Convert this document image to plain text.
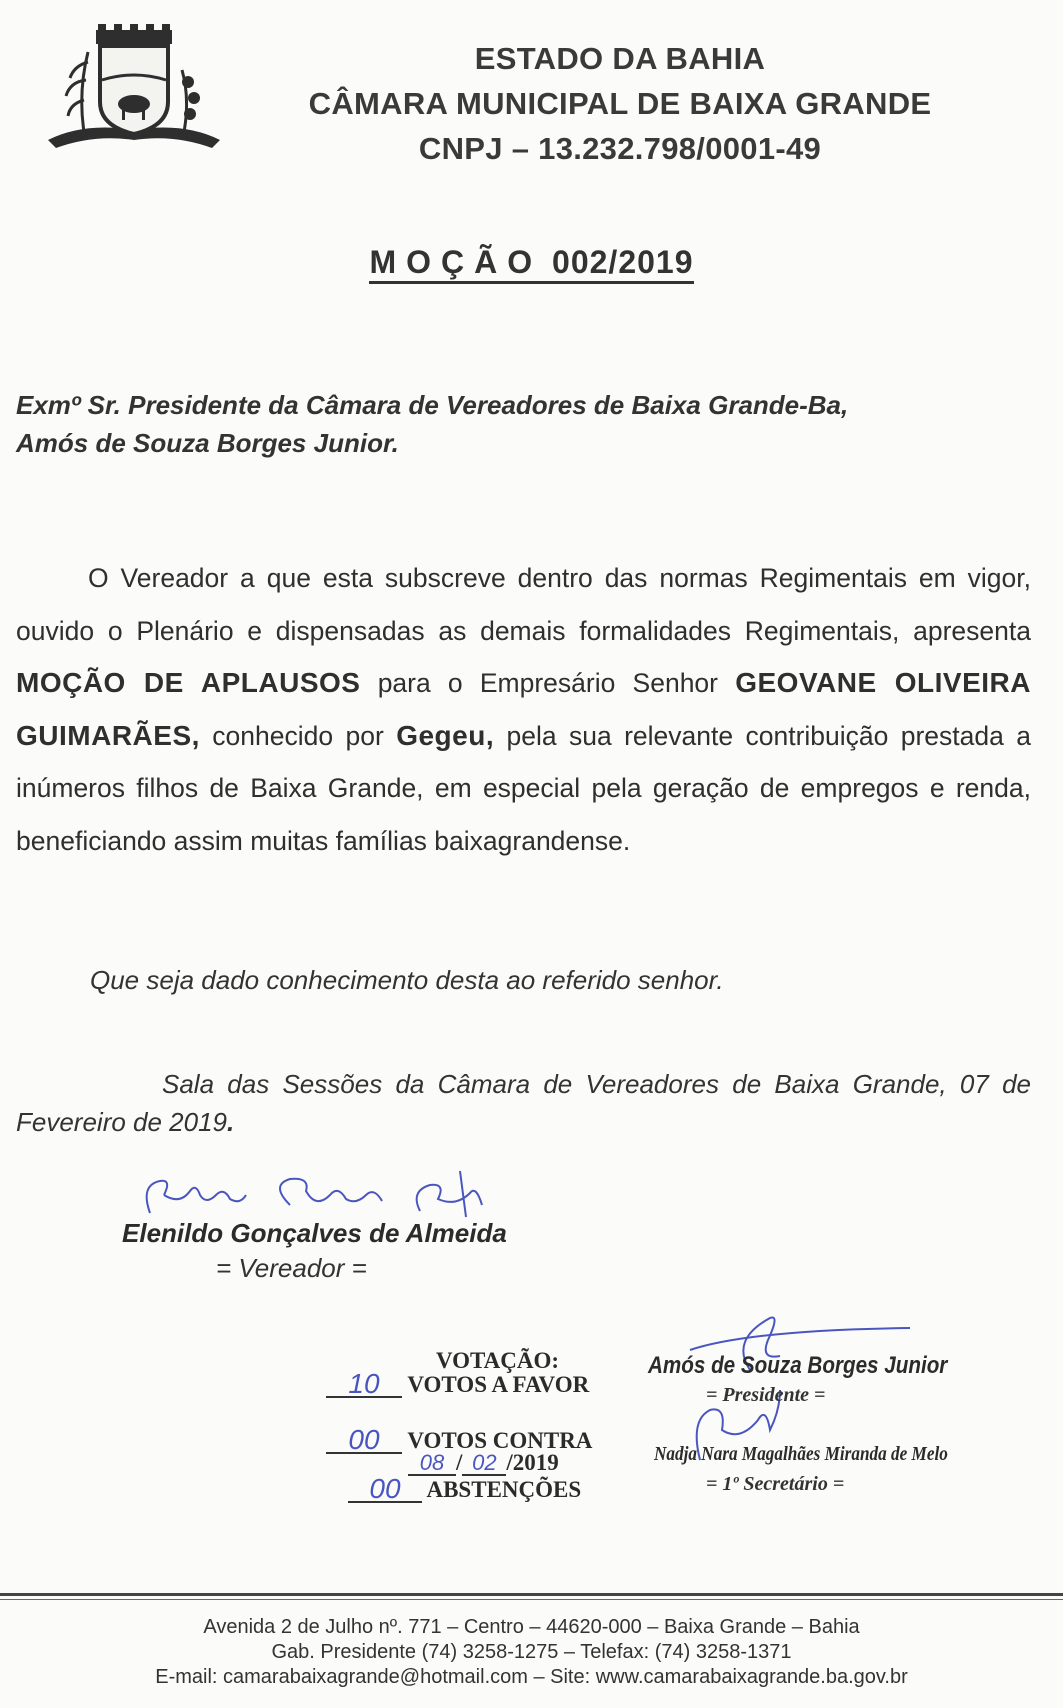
ESTADO DA BAHIA
CÂMARA MUNICIPAL DE BAIXA GRANDE
CNPJ – 13.232.798/0001-49
MOÇÃO 002/2019
Exmº Sr. Presidente da Câmara de Vereadores de Baixa Grande-Ba,
Amós de Souza Borges Junior.
O Vereador a que esta subscreve dentro das normas Regimentais em vigor, ouvido o Plenário e dispensadas as demais formalidades Regimentais, apresenta MOÇÃO DE APLAUSOS para o Empresário Senhor GEOVANE OLIVEIRA GUIMARÃES, conhecido por Gegeu, pela sua relevante contribuição prestada a inúmeros filhos de Baixa Grande, em especial pela geração de empregos e renda, beneficiando assim muitas famílias baixagrandense.
Que seja dado conhecimento desta ao referido senhor.
Sala das Sessões da Câmara de Vereadores de Baixa Grande, 07 de Fevereiro de 2019.
Elenildo Gonçalves de Almeida
= Vereador =
VOTAÇÃO:
10 VOTOS A FAVOR
00 VOTOS CONTRA
08 / 02 /2019
00 ABSTENÇÕES
Amós de Souza Borges Junior
= Presidente =
Nadja Nara Magalhães Miranda de Melo
= 1º Secretário =
Avenida 2 de Julho nº. 771 – Centro – 44620-000 – Baixa Grande – Bahia
Gab. Presidente (74) 3258-1275 – Telefax: (74) 3258-1371
E-mail: camarabaixagrande@hotmail.com – Site: www.camarabaixagrande.ba.gov.br
